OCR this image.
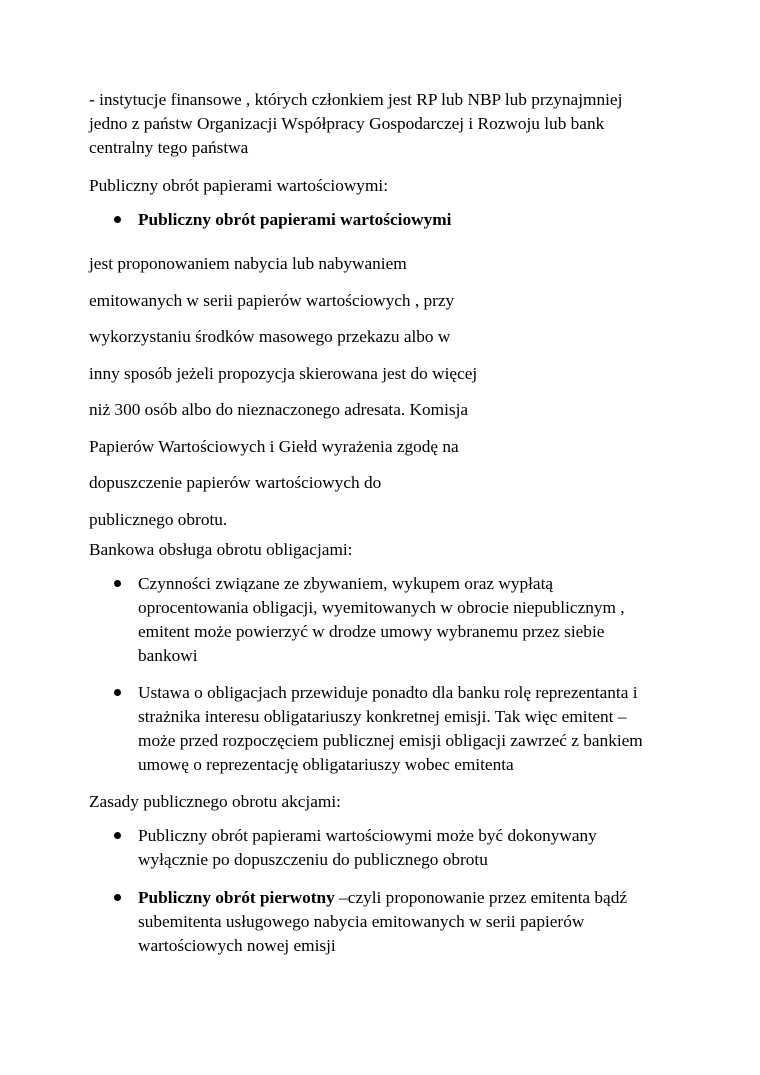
- instytucje finansowe , których członkiem jest RP lub NBP lub przynajmniej
jedno z państw Organizacji Współpracy Gospodarczej i Rozwoju lub bank
centralny tego państwa
Publiczny obrót papierami wartościowymi:
Publiczny obrót papierami wartościowymi
jest proponowaniem nabycia lub nabywaniem
emitowanych w serii papierów wartościowych , przy
wykorzystaniu środków masowego przekazu albo w
inny sposób jeżeli propozycja skierowana jest do więcej
niż 300 osób albo do nieznaczonego adresata. Komisja
Papierów Wartościowych i Giełd wyrażenia zgodę na
dopuszczenie papierów wartościowych do
publicznego obrotu.
Bankowa obsługa obrotu obligacjami:
Czynności związane ze zbywaniem, wykupem oraz wypłatą
oprocentowania obligacji, wyemitowanych w obrocie niepublicznym ,
emitent może powierzyć w drodze umowy wybranemu przez siebie
bankowi
Ustawa o obligacjach przewiduje ponadto dla banku rolę reprezentanta i
strażnika interesu obligatariuszy konkretnej emisji. Tak więc emitent –
może przed rozpoczęciem publicznej emisji obligacji zawrzeć z bankiem
umowę o reprezentację obligatariuszy wobec emitenta
Zasady publicznego obrotu akcjami:
Publiczny obrót papierami wartościowymi może być dokonywany
wyłącznie po dopuszczeniu do publicznego obrotu
Publiczny obrót pierwotny –czyli proponowanie przez emitenta bądź
subemitenta usługowego nabycia emitowanych w serii papierów
wartościowych nowej emisji
